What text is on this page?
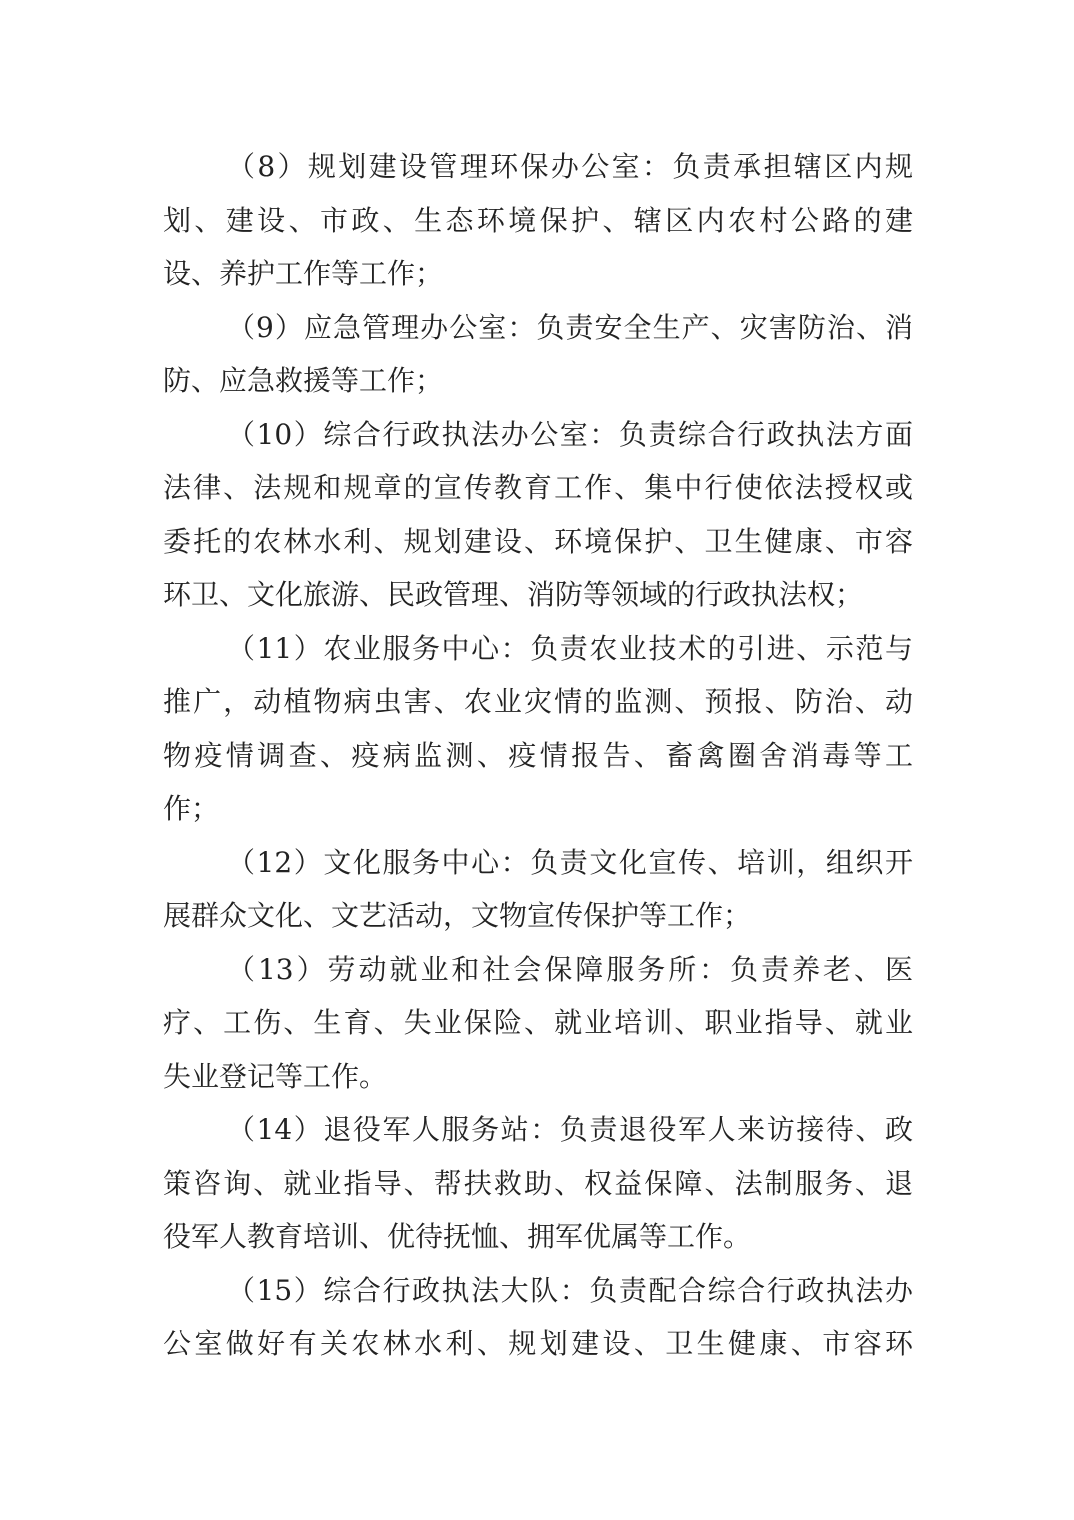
（8）规划建设管理环保办公室：负责承担辖区内规
划、建设、市政、生态环境保护、辖区内农村公路的建
设、养护工作等工作；

（9）应急管理办公室：负责安全生产、灾害防治、消
防、应急救援等工作；

（10）综合行政执法办公室：负责综合行政执法方面
法律、法规和规章的宣传教育工作、集中行使依法授权或
委托的农林水利、规划建设、环境保护、卫生健康、市容
环卫、文化旅游、民政管理、消防等领域的行政执法权；

（11）农业服务中心：负责农业技术的引进、示范与
推广，动植物病虫害、农业灾情的监测、预报、防治、动
物疫情调查、疫病监测、疫情报告、畜禽圈舍消毒等工
作；

（12）文化服务中心：负责文化宣传、培训，组织开
展群众文化、文艺活动，文物宣传保护等工作；

（13）劳动就业和社会保障服务所：负责养老、医
疗、工伤、生育、失业保险、就业培训、职业指导、就业
失业登记等工作。

（14）退役军人服务站：负责退役军人来访接待、政
策咨询、就业指导、帮扶救助、权益保障、法制服务、退
役军人教育培训、优待抚恤、拥军优属等工作。

（15）综合行政执法大队：负责配合综合行政执法办
公室做好有关农林水利、规划建设、卫生健康、市容环
